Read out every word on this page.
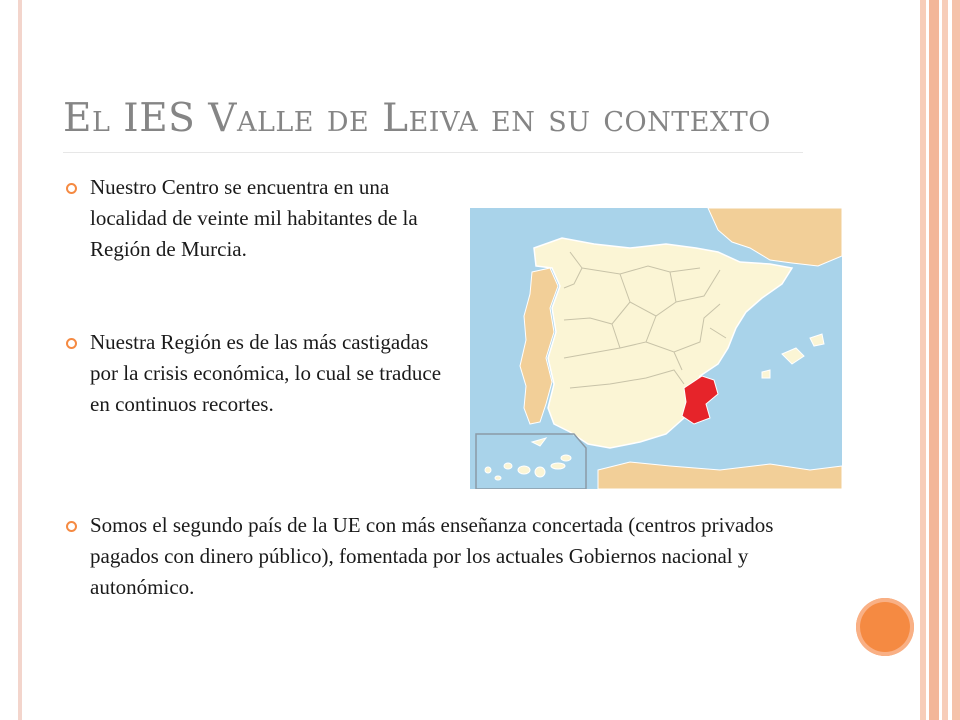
El IES Valle de Leiva en su contexto
Nuestro Centro se encuentra en una localidad de veinte mil habitantes de la Región de Murcia.
Nuestra Región es de las más castigadas por la crisis económica, lo cual se traduce en continuos recortes.
Somos el segundo país de la UE con más enseñanza concertada (centros privados pagados con dinero público), fomentada por los actuales Gobiernos nacional y autonómico.
